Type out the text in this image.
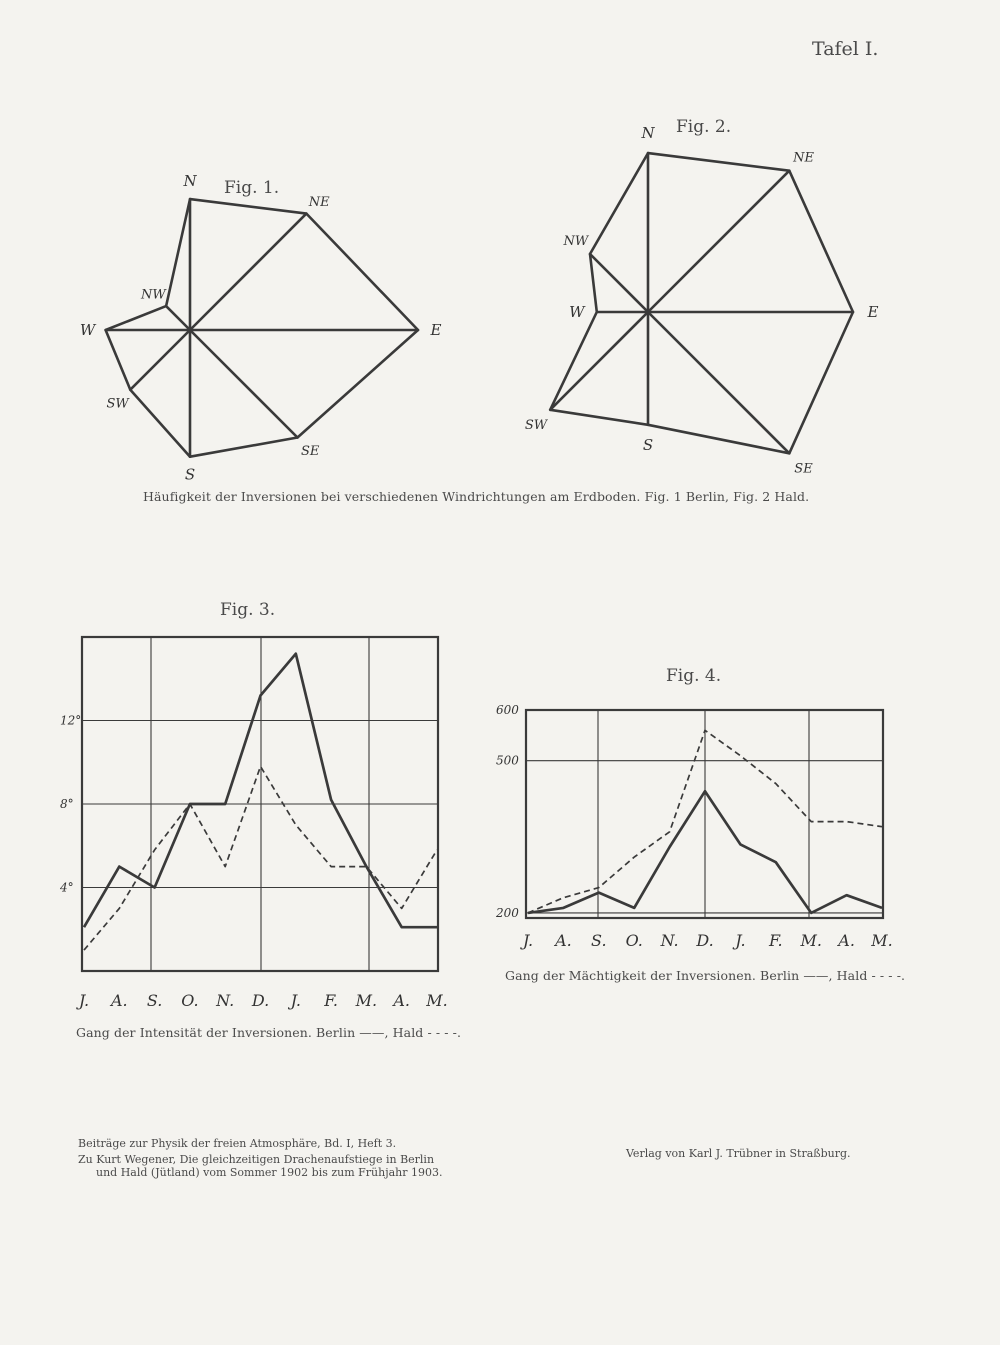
Tafel I.
Fig. 1.
Fig. 2.
Fig. 3.
Fig. 4.
N
NE
E
SE
S
SW
W
NW
N
NE
E
SE
S
SW
W
NW
4°
8°
12°
J. A. S. O. N. D. J. F. M. A. M.
200
500
600
J. A. S. O. N. D. J. F. M. A. M.
Häufigkeit der Inversionen bei verschiedenen Windrichtungen am Erdboden. Fig. 1 Berlin, Fig. 2 Hald.
Gang der Intensität der Inversionen. Berlin ——, Hald - - - -.
Gang der Mächtigkeit der Inversionen. Berlin ——, Hald - - - -.
Beiträge zur Physik der freien Atmosphäre, Bd. I, Heft 3.
Zu Kurt Wegener, Die gleichzeitigen Drachenaufstiege in Berlin
und Hald (Jütland) vom Sommer 1902 bis zum Frühjahr 1903.
Verlag von Karl J. Trübner in Straßburg.
